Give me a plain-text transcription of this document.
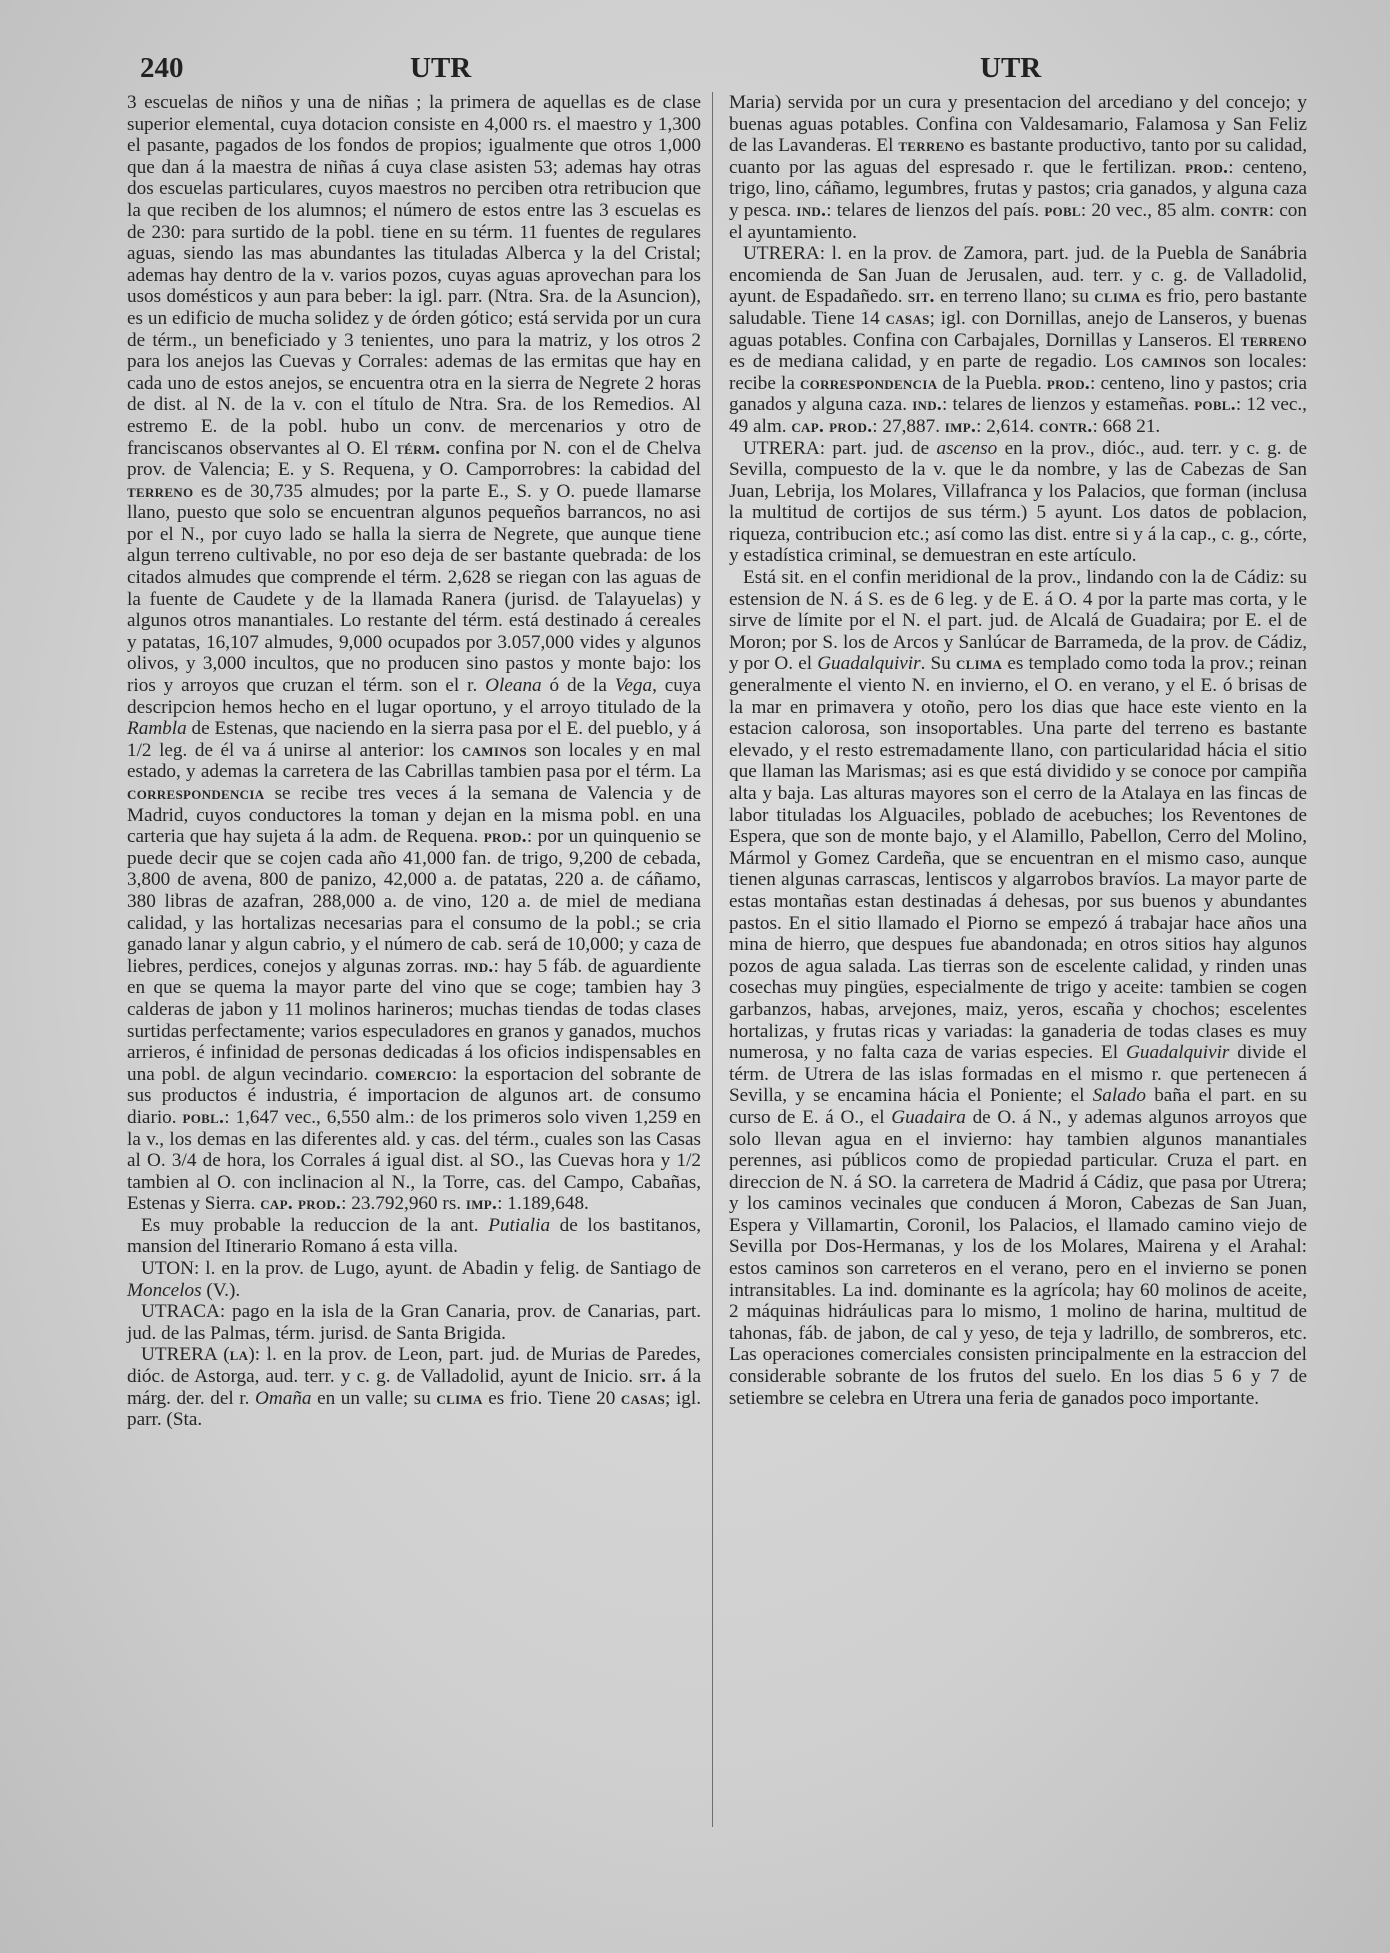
240	UTR	UTR

3 escuelas de niños y una de niñas ; la primera de aquellas es de clase superior elemental, cuya dotacion consiste en 4,000 rs. el maestro y 1,300 el pasante, pagados de los fondos de propios; igualmente que otros 1,000 que dan á la maestra de niñas á cuya clase asisten 53; ademas hay otras dos escuelas particulares, cuyos maestros no perciben otra retribucion que la que reciben de los alumnos; el número de estos entre las 3 escuelas es de 230: para surtido de la pobl. tiene en su térm. 11 fuentes de regulares aguas, siendo las mas abundantes las tituladas Alberca y la del Cristal; ademas hay dentro de la v. varios pozos, cuyas aguas aprovechan para los usos domésticos y aun para beber: la igl. parr. (Ntra. Sra. de la Asuncion), es un edificio de mucha solidez y de órden gótico; está servida por un cura de térm., un beneficiado y 3 tenientes, uno para la matriz, y los otros 2 para los anejos las Cuevas y Corrales: ademas de las ermitas que hay en cada uno de estos anejos, se encuentra otra en la sierra de Negrete 2 horas de dist. al N. de la v. con el título de Ntra. Sra. de los Remedios. Al estremo E. de la pobl. hubo un conv. de mercenarios y otro de franciscanos observantes al O. El térm. confina por N. con el de Chelva prov. de Valencia; E. y S. Requena, y O. Camporrobres: la cabidad del terreno es de 30,735 almudes; por la parte E., S. y O. puede llamarse llano, puesto que solo se encuentran algunos pequeños barrancos, no asi por el N., por cuyo lado se halla la sierra de Negrete, que aunque tiene algun terreno cultivable, no por eso deja de ser bastante quebrada: de los citados almudes que comprende el térm. 2,628 se riegan con las aguas de la fuente de Caudete y de la llamada Ranera (jurisd. de Talayuelas) y algunos otros manantiales. Lo restante del térm. está destinado á cereales y patatas, 16,107 almudes, 9,000 ocupados por 3.057,000 vides y algunos olivos, y 3,000 incultos, que no producen sino pastos y monte bajo: los rios y arroyos que cruzan el térm. son el r. Oleana ó de la Vega, cuya descripcion hemos hecho en el lugar oportuno, y el arroyo titulado de la Rambla de Estenas, que naciendo en la sierra pasa por el E. del pueblo, y á 1/2 leg. de él va á unirse al anterior: los caminos son locales y en mal estado, y ademas la carretera de las Cabrillas tambien pasa por el térm. La correspondencia se recibe tres veces á la semana de Valencia y de Madrid, cuyos conductores la toman y dejan en la misma pobl. en una carteria que hay sujeta á la adm. de Requena. prod.: por un quinquenio se puede decir que se cojen cada año 41,000 fan. de trigo, 9,200 de cebada, 3,800 de avena, 800 de panizo, 42,000 a. de patatas, 220 a. de cáñamo, 380 libras de azafran, 288,000 a. de vino, 120 a. de miel de mediana calidad, y las hortalizas necesarias para el consumo de la pobl.; se cria ganado lanar y algun cabrio, y el número de cab. será de 10,000; y caza de liebres, perdices, conejos y algunas zorras. ind.: hay 5 fáb. de aguardiente en que se quema la mayor parte del vino que se coge; tambien hay 3 calderas de jabon y 11 molinos harineros; muchas tiendas de todas clases surtidas perfectamente; varios especuladores en granos y ganados, muchos arrieros, é infinidad de personas dedicadas á los oficios indispensables en una pobl. de algun vecindario. comercio: la esportacion del sobrante de sus productos é industria, é importacion de algunos art. de consumo diario. pobl.: 1,647 vec., 6,550 alm.: de los primeros solo viven 1,259 en la v., los demas en las diferentes ald. y cas. del térm., cuales son las Casas al O. 3/4 de hora, los Corrales á igual dist. al SO., las Cuevas hora y 1/2 tambien al O. con inclinacion al N., la Torre, cas. del Campo, Cabañas, Estenas y Sierra. cap. prod.: 23.792,960 rs. imp.: 1.189,648.

Es muy probable la reduccion de la ant. Putialia de los bastitanos, mansion del Itinerario Romano á esta villa.

UTON: l. en la prov. de Lugo, ayunt. de Abadin y felig. de Santiago de Moncelos (V.).

UTRACA: pago en la isla de la Gran Canaria, prov. de Canarias, part. jud. de las Palmas, térm. jurisd. de Santa Brigida.

UTRERA (la): l. en la prov. de Leon, part. jud. de Murias de Paredes, dióc. de Astorga, aud. terr. y c. g. de Valladolid, ayunt de Inicio. sit. á la márg. der. del r. Omaña en un valle; su clima es frio. Tiene 20 casas; igl. parr. (Sta.

Maria) servida por un cura y presentacion del arcediano y del concejo; y buenas aguas potables. Confina con Valdesamario, Falamosa y San Feliz de las Lavanderas. El terreno es bastante productivo, tanto por su calidad, cuanto por las aguas del espresado r. que le fertilizan. prod.: centeno, trigo, lino, cáñamo, legumbres, frutas y pastos; cria ganados, y alguna caza y pesca. ind.: telares de lienzos del país. pobl: 20 vec., 85 alm. contr: con el ayuntamiento.

UTRERA: l. en la prov. de Zamora, part. jud. de la Puebla de Sanábria encomienda de San Juan de Jerusalen, aud. terr. y c. g. de Valladolid, ayunt. de Espadañedo. sit. en terreno llano; su clima es frio, pero bastante saludable. Tiene 14 casas; igl. con Dornillas, anejo de Lanseros, y buenas aguas potables. Confina con Carbajales, Dornillas y Lanseros. El terreno es de mediana calidad, y en parte de regadio. Los caminos son locales: recibe la correspondencia de la Puebla. prod.: centeno, lino y pastos; cria ganados y alguna caza. ind.: telares de lienzos y estameñas. pobl.: 12 vec., 49 alm. cap. prod.: 27,887. imp.: 2,614. contr.: 668 21.

UTRERA: part. jud. de ascenso en la prov., dióc., aud. terr. y c. g. de Sevilla, compuesto de la v. que le da nombre, y las de Cabezas de San Juan, Lebrija, los Molares, Villafranca y los Palacios, que forman (inclusa la multitud de cortijos de sus térm.) 5 ayunt. Los datos de poblacion, riqueza, contribucion etc.; así como las dist. entre si y á la cap., c. g., córte, y estadística criminal, se demuestran en este artículo.

Está sit. en el confin meridional de la prov., lindando con la de Cádiz: su estension de N. á S. es de 6 leg. y de E. á O. 4 por la parte mas corta, y le sirve de límite por el N. el part. jud. de Alcalá de Guadaira; por E. el de Moron; por S. los de Arcos y Sanlúcar de Barrameda, de la prov. de Cádiz, y por O. el Guadalquivir. Su clima es templado como toda la prov.; reinan generalmente el viento N. en invierno, el O. en verano, y el E. ó brisas de la mar en primavera y otoño, pero los dias que hace este viento en la estacion calorosa, son insoportables. Una parte del terreno es bastante elevado, y el resto estremadamente llano, con particularidad hácia el sitio que llaman las Marismas; asi es que está dividido y se conoce por campiña alta y baja. Las alturas mayores son el cerro de la Atalaya en las fincas de labor tituladas los Alguaciles, poblado de acebuches; los Reventones de Espera, que son de monte bajo, y el Alamillo, Pabellon, Cerro del Molino, Mármol y Gomez Cardeña, que se encuentran en el mismo caso, aunque tienen algunas carrascas, lentiscos y algarrobos bravíos. La mayor parte de estas montañas estan destinadas á dehesas, por sus buenos y abundantes pastos. En el sitio llamado el Piorno se empezó á trabajar hace años una mina de hierro, que despues fue abandonada; en otros sitios hay algunos pozos de agua salada. Las tierras son de escelente calidad, y rinden unas cosechas muy pingües, especialmente de trigo y aceite: tambien se cogen garbanzos, habas, arvejones, maiz, yeros, escaña y chochos; escelentes hortalizas, y frutas ricas y variadas: la ganaderia de todas clases es muy numerosa, y no falta caza de varias especies. El Guadalquivir divide el térm. de Utrera de las islas formadas en el mismo r. que pertenecen á Sevilla, y se encamina hácia el Poniente; el Salado baña el part. en su curso de E. á O., el Guadaira de O. á N., y ademas algunos arroyos que solo llevan agua en el invierno: hay tambien algunos manantiales perennes, asi públicos como de propiedad particular. Cruza el part. en direccion de N. á SO. la carretera de Madrid á Cádiz, que pasa por Utrera; y los caminos vecinales que conducen á Moron, Cabezas de San Juan, Espera y Villamartin, Coronil, los Palacios, el llamado camino viejo de Sevilla por Dos-Hermanas, y los de los Molares, Mairena y el Arahal: estos caminos son carreteros en el verano, pero en el invierno se ponen intransitables. La ind. dominante es la agrícola; hay 60 molinos de aceite, 2 máquinas hidráulicas para lo mismo, 1 molino de harina, multitud de tahonas, fáb. de jabon, de cal y yeso, de teja y ladrillo, de sombreros, etc. Las operaciones comerciales consisten principalmente en la estraccion del considerable sobrante de los frutos del suelo. En los dias 5 6 y 7 de setiembre se celebra en Utrera una feria de ganados poco importante.
